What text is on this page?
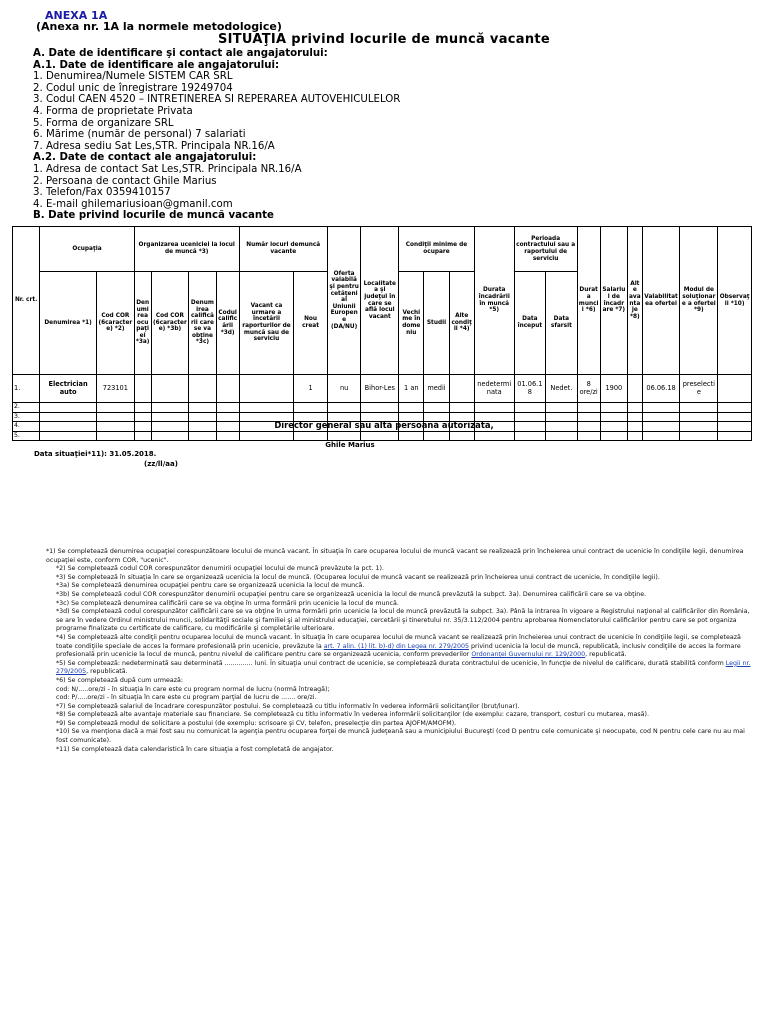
ANEXA 1A
(Anexa nr. 1A la normele metodologice)
SITUAŢIA privind locurile de muncă vacante
A. Date de identificare şi contact ale angajatorului:
A.1. Date de identificare ale angajatorului:
1. Denumirea/Numele SISTEM CAR SRL
2. Codul unic de înregistrare 19249704
3. Codul CAEN 4520 – INTRETINEREA SI REPERAREA AUTOVEHICULELOR
4. Forma de proprietate Privata
5. Forma de organizare SRL
6. Mărime (număr de personal) 7 salariati
7. Adresa sediu Sat Les,STR. Principala NR.16/A
A.2. Date de contact ale angajatorului:
1. Adresa de contact Sat Les,STR. Principala NR.16/A
2. Persoana de contact Ghile Marius
3. Telefon/Fax 0359410157
4. E-mail ghilemariusioan@gmanil.com
B. Date privind locurile de muncă vacante
Nr. crt.	Ocupaţia		Organizarea uceniciei la locul de muncă *3)				Număr locuri demuncă vacante		Oferta valabilă şi pentru cetăţeni ai Uniunii Europene (DA/NU)	Localitatea şi judeţul în care se află locul vacant	Condiţii minime de ocupare			Durata încadrării în muncă *5)	Perioada contractului sau a raportului de serviciu		Durata muncii *6)	Salariul de încadrare *7)	Alte avantaje *8)	Valabilitatea ofertei	Modul de soluţionare a ofertei *9)	Observaţii *10)
	Denumirea *1)	Cod COR (6caractere) *2)	Denumirea ocupaţiei *3a)	Cod COR (6caractere) *3b)	Denumirea calificării care se va obţine *3c)	Codul calificării *3d)	Vacant ca urmare a încetării raporturilor de muncă sau de serviciu	Nou creat			Vechime în domeniu	Studii	Alte condiţii *4)		Data început	Data sfarsit						
1.	Electrician auto	723101						1	nu	Bihor-Les	1 an	medii		nedeterminata	01.06.18	Nedet.	8 ore/zi	1900		06.06.18	preselectie	
2.																						
3.																						
4.																						
5.																						
Director general sau altă persoană autorizată,
Ghile Marius
Data situaţiei*11): 31.05.2018.
(zz/ll/aa)

*1) Se completează denumirea ocupaţiei corespunzătoare locului de muncă vacant. În situaţia în care ocuparea locului de muncă vacant se realizează prin încheierea unui contract de ucenicie în condiţiile legii, denumirea ocupaţiei este, conform COR, "ucenic".

*2) Se completează codul COR corespunzător denumirii ocupaţiei locului de muncă prevăzute la pct. 1).

*3) Se completează în situaţia în care se organizează ucenicia la locul de muncă. (Ocuparea locului de muncă vacant se realizează prin încheierea unui contract de ucenicie, în condiţiile legii).

*3a) Se completează denumirea ocupaţiei pentru care se organizează ucenicia la locul de muncă.

*3b) Se completează codul COR corespunzător denumirii ocupaţiei pentru care se organizează ucenicia la locul de muncă prevăzută la subpct. 3a). Denumirea calificării care se va obţine.

*3c) Se completează denumirea calificării care se va obţine în urma formării prin ucenicie la locul de muncă.

*3d) Se completează codul corespunzător calificării care se va obţine în urma formării prin ucenicie la locul de muncă prevăzută la subpct. 3a). Până la intrarea în vigoare a Registrului naţional al calificărilor din România, se are în vedere Ordinul ministrului muncii, solidarităţii sociale şi familiei şi al ministrului educaţiei, cercetării şi tineretului nr. 35/3.112/2004 pentru aprobarea Nomenclatorului calificărilor pentru care se pot organiza programe finalizate cu certificate de calificare, cu modificările şi completările ulterioare.

*4) Se completează alte condiţii pentru ocuparea locului de muncă vacant. În situaţia în care ocuparea locului de muncă vacant se realizează prin încheierea unui contract de ucenicie în condiţiile legii, se completează toate condiţiile speciale de acces la formare profesională prin ucenicie, prevăzute la art. 7 alin. (1) lit. b)-d) din Legea nr. 279/2005 privind ucenicia la locul de muncă, republicată, inclusiv condiţiile de acces la formare profesională prin ucenicie la locul de muncă, pentru nivelul de calificare pentru care se organizează ucenicia, conform prevederilor Ordonanţei Guvernului nr. 129/2000, republicată.

*5) Se completează: nedeterminată sau determinată .............. luni. În situaţia unui contract de ucenicie, se completează durata contractului de ucenicie, în funcţie de nivelul de calificare, durată stabilită conform Legii nr. 279/2005, republicată.

*6) Se completează după cum urmează:

cod: N/.....ore/zi - în situaţia în care este cu program normal de lucru (normă întreagă);

cod: P/.....ore/zi - în situaţia în care este cu program parţial de lucru de ....... ore/zi.

*7) Se completează salariul de încadrare corespunzător postului. Se completează cu titlu informativ în vederea informării solicitanţilor (brut/lunar).

*8) Se completează alte avantaje materiale sau financiare. Se completează cu titlu informativ în vederea informării solicitanţilor (de exemplu: cazare, transport, costuri cu mutarea, masă).

*9) Se completează modul de solicitare a postului (de exemplu: scrisoare şi CV, telefon, preselecţie din partea AJOFM/AMOFM).

*10) Se va menţiona dacă a mai fost sau nu comunicat la agenţia pentru ocuparea forţei de muncă judeţeană sau a municipiului Bucureşti (cod D pentru cele comunicate şi neocupate, cod N pentru cele care nu au mai fost comunicate).

*11) Se completează data calendaristică în care situaţia a fost completată de angajator.
